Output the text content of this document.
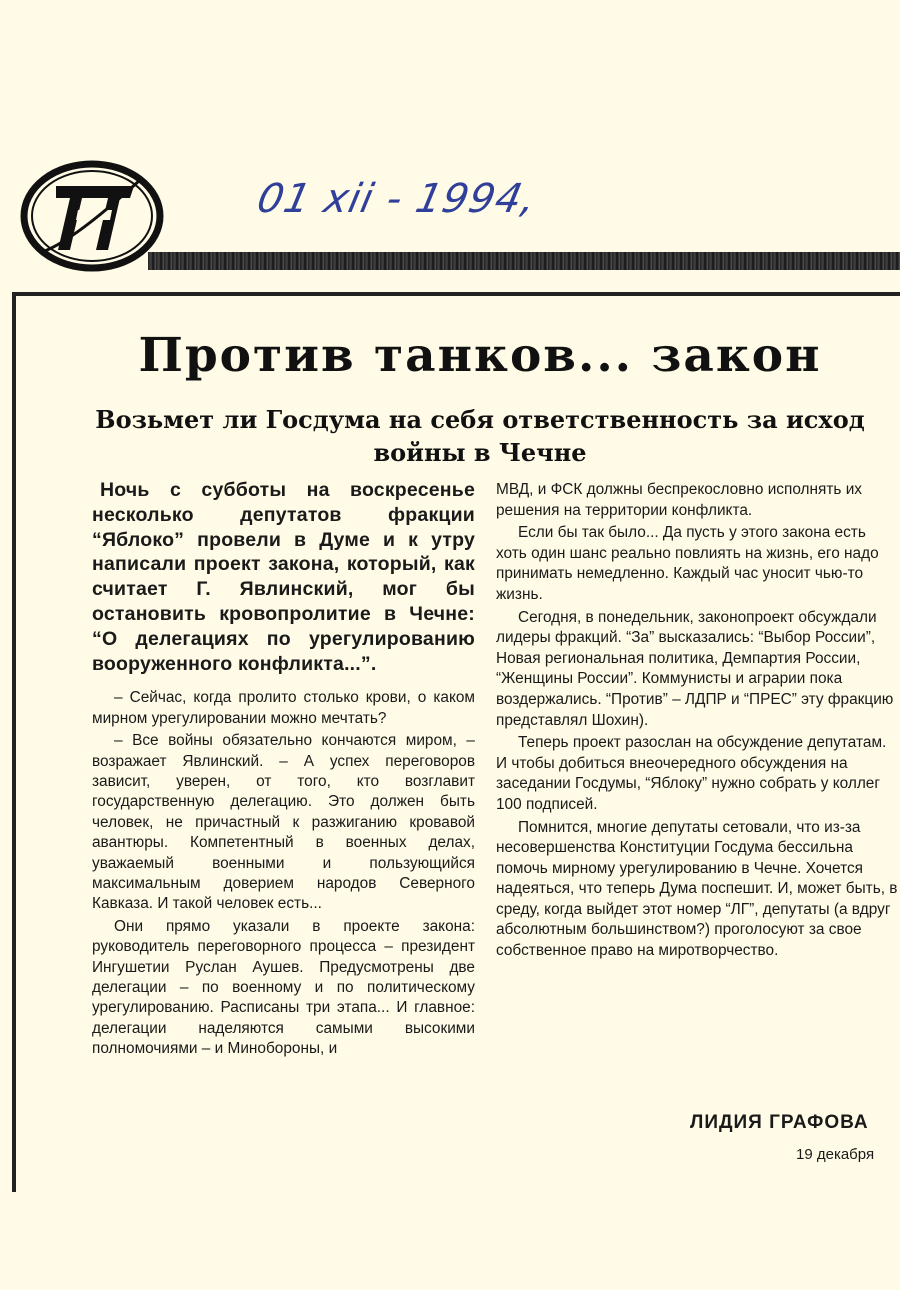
01 xii - 1994,
Против танков... закон
Возьмет ли Госдума на себя ответственность за исход войны в Чечне

Ночь с субботы на воскресенье несколько депутатов фракции “Яблоко” провели в Думе и к утру написали проект закона, который, как считает Г. Явлинский, мог бы остановить кровопролитие в Чечне: “О делегациях по урегулированию вооруженного конфликта...”.

– Сейчас, когда пролито столько крови, о каком мирном урегулировании можно мечтать?

– Все войны обязательно кончаются миром, – возражает Явлинский. – А успех переговоров зависит, уверен, от того, кто возглавит государственную делегацию. Это должен быть человек, не причастный к разжиганию кровавой авантюры. Компетентный в военных делах, уважаемый военными и пользующийся максимальным доверием народов Северного Кавказа. И такой человек есть...

Они прямо указали в проекте закона: руководитель переговорного процесса – президент Ингушетии Руслан Аушев. Предусмотрены две делегации – по военному и по политическому урегулированию. Расписаны три этапа... И главное: делегации наделяются самыми высокими полномочиями – и Минобороны, и

МВД, и ФСК должны беспрекословно исполнять их решения на территории конфликта.

Если бы так было... Да пусть у этого закона есть хоть один шанс реально повлиять на жизнь, его надо принимать немедленно. Каждый час уносит чью-то жизнь.

Сегодня, в понедельник, законопроект обсуждали лидеры фракций. “За” высказались: “Выбор России”, Новая региональная политика, Демпартия России, “Женщины России”. Коммунисты и аграрии пока воздержались. “Против” – ЛДПР и “ПРЕС” эту фракцию представлял Шохин).

Теперь проект разослан на обсуждение депутатам. И чтобы добиться внеочередного обсуждения на заседании Госдумы, “Яблоку” нужно собрать у коллег 100 подписей.

Помнится, многие депутаты сетовали, что из-за несовершенства Конституции Госдума бессильна помочь мирному урегулированию в Чечне. Хочется надеяться, что теперь Дума поспешит. И, может быть, в среду, когда выйдет этот номер “ЛГ”, депутаты (а вдруг абсолютным большинством?) проголосуют за свое собственное право на миротворчество.

ЛИДИЯ ГРАФОВА
19 декабря
